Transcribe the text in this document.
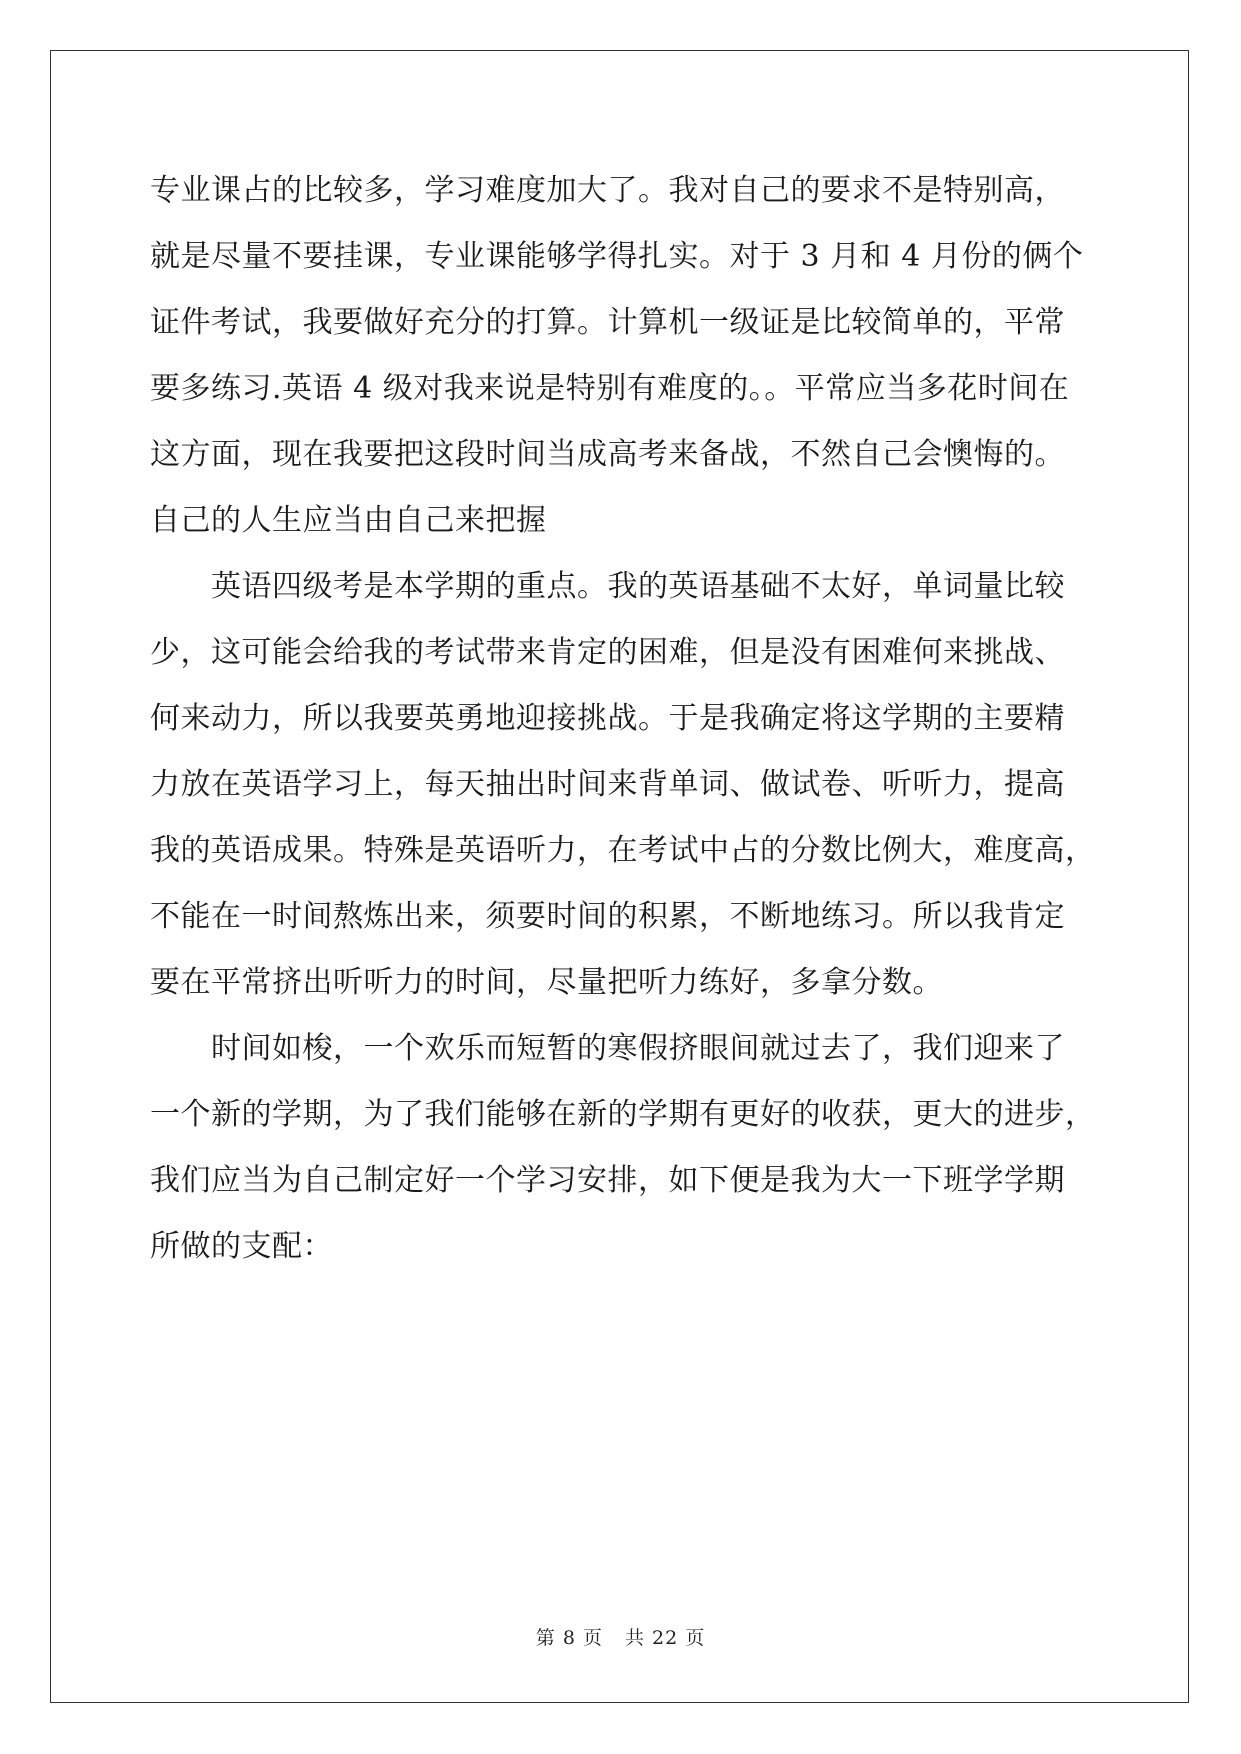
专业课占的比较多，学习难度加大了。我对自己的要求不是特别高，
就是尽量不要挂课，专业课能够学得扎实。对于 3 月和 4 月份的俩个
证件考试，我要做好充分的打算。计算机一级证是比较简单的，平常
要多练习.英语 4 级对我来说是特别有难度的。。平常应当多花时间在
这方面，现在我要把这段时间当成高考来备战，不然自己会懊悔的。
自己的人生应当由自己来把握
　　英语四级考是本学期的重点。我的英语基础不太好，单词量比较
少，这可能会给我的考试带来肯定的困难，但是没有困难何来挑战、
何来动力，所以我要英勇地迎接挑战。于是我确定将这学期的主要精
力放在英语学习上，每天抽出时间来背单词、做试卷、听听力，提高
我的英语成果。特殊是英语听力，在考试中占的分数比例大，难度高，
不能在一时间熬炼出来，须要时间的积累，不断地练习。所以我肯定
要在平常挤出听听力的时间，尽量把听力练好，多拿分数。
　　时间如梭，一个欢乐而短暂的寒假挤眼间就过去了，我们迎来了
一个新的学期，为了我们能够在新的学期有更好的收获，更大的进步，
我们应当为自己制定好一个学习安排，如下便是我为大一下班学学期
所做的支配：
第 8 页 共 22 页
